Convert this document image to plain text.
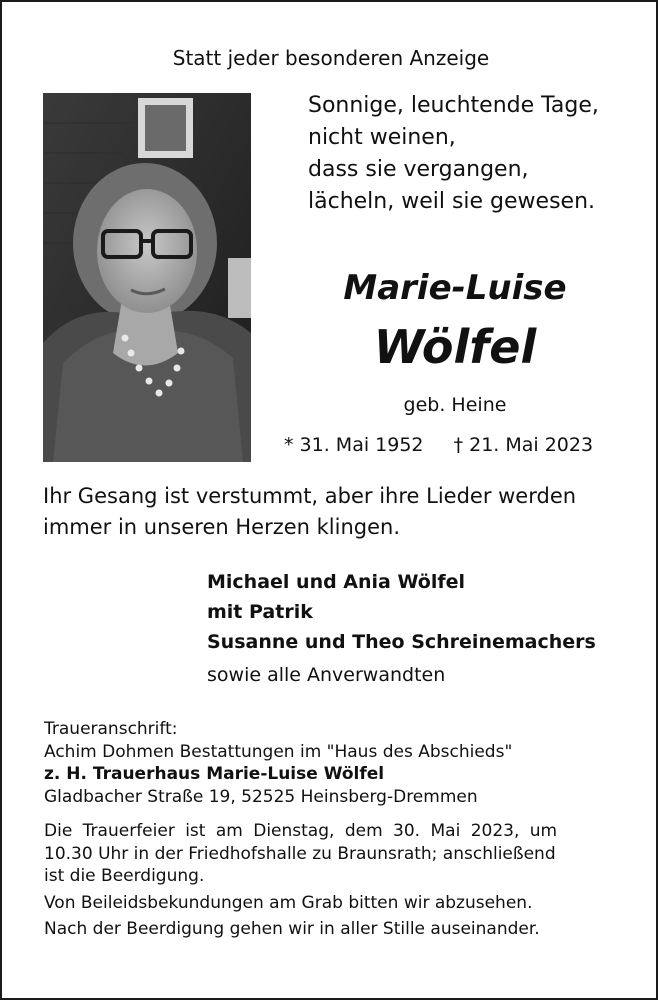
Statt jeder besonderen Anzeige
Sonnige, leuchtende Tage,
nicht weinen,
dass sie vergangen,
lächeln, weil sie gewesen.
Marie-Luise
Wölfel
geb. Heine
* 31. Mai 1952 † 21. Mai 2023
Ihr Gesang ist verstummt, aber ihre Lieder werden
immer in unseren Herzen klingen.
Michael und Ania Wölfel
mit Patrik
Susanne und Theo Schreinemachers
sowie alle Anverwandten
Traueranschrift:
Achim Dohmen Bestattungen im "Haus des Abschieds"
z. H. Trauerhaus Marie-Luise Wölfel
Gladbacher Straße 19, 52525 Heinsberg-Dremmen
Die Trauerfeier ist am Dienstag, dem 30. Mai 2023, um
10.30 Uhr in der Friedhofshalle zu Braunsrath; anschließend
ist die Beerdigung.
Von Beileidsbekundungen am Grab bitten wir abzusehen.
Nach der Beerdigung gehen wir in aller Stille auseinander.
